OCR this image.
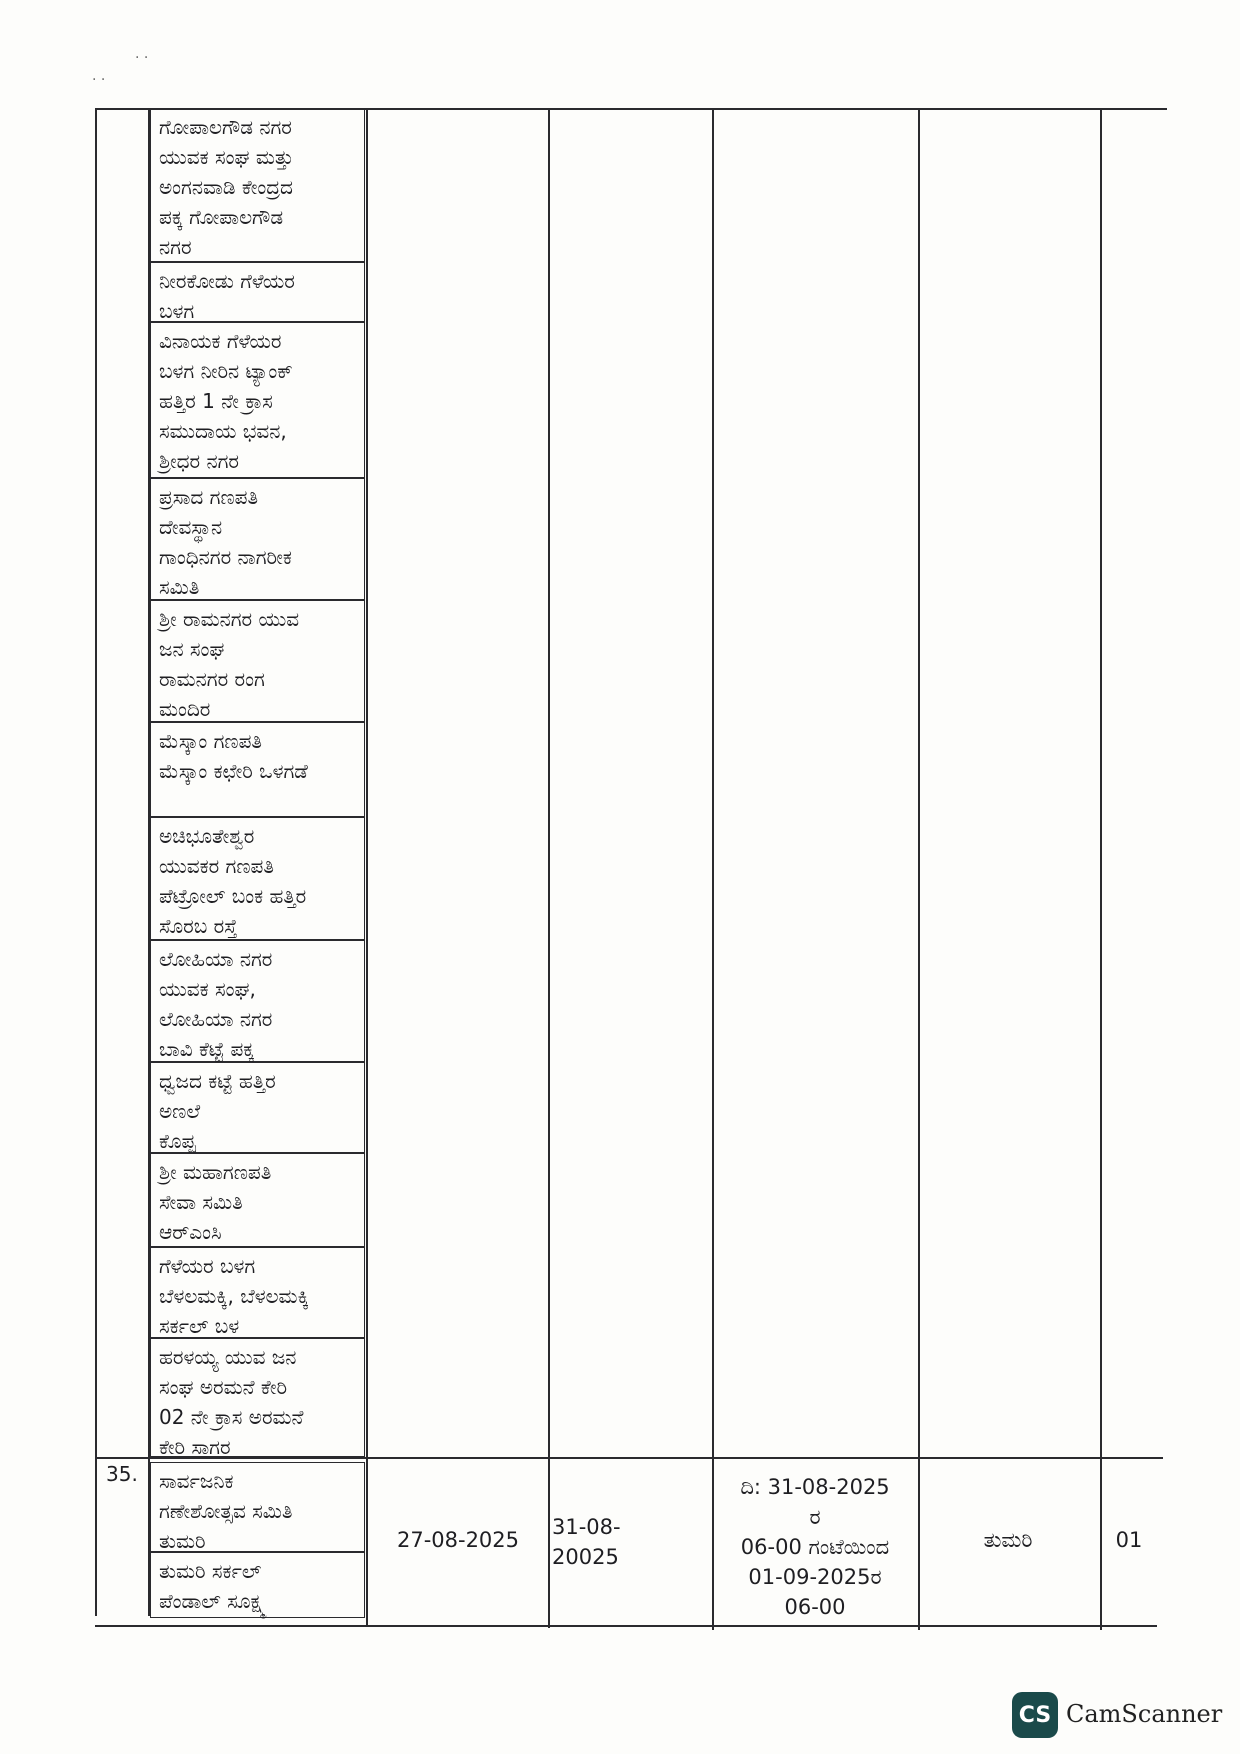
· ·
· ·
ಗೋಪಾಲಗೌಡ ನಗರ
ಯುವಕ ಸಂಘ ಮತ್ತು
ಅಂಗನವಾಡಿ ಕೇಂದ್ರದ
ಪಕ್ಕ ಗೋಪಾಲಗೌಡ
ನಗರ
ನೀರಕೋಡು ಗೆಳೆಯರ
ಬಳಗ
ವಿನಾಯಕ ಗೆಳೆಯರ
ಬಳಗ ನೀರಿನ ಟ್ಯಾಂಕ್
ಹತ್ತಿರ 1 ನೇ ಕ್ರಾಸ
ಸಮುದಾಯ ಭವನ,
ಶ್ರೀಧರ ನಗರ
ಪ್ರಸಾದ ಗಣಪತಿ
ದೇವಸ್ಥಾನ
ಗಾಂಧಿನಗರ ನಾಗರೀಕ
ಸಮಿತಿ
ಶ್ರೀ ರಾಮನಗರ ಯುವ
ಜನ ಸಂಘ
ರಾಮನಗರ ರಂಗ
ಮಂದಿರ
ಮೆಸ್ಕಾಂ ಗಣಪತಿ
ಮೆಸ್ಕಾಂ ಕಛೇರಿ ಒಳಗಡೆ
ಅಚಿಭೂತೇಶ್ವರ
ಯುವಕರ ಗಣಪತಿ
ಪೆಟ್ರೋಲ್ ಬಂಕ ಹತ್ತಿರ
ಸೊರಬ ರಸ್ತೆ
ಲೋಹಿಯಾ ನಗರ
ಯುವಕ ಸಂಘ,
ಲೋಹಿಯಾ ನಗರ
ಬಾವಿ ಕೆಟ್ಟೆ ಪಕ್ಕ
ಧ್ವಜದ ಕಟ್ಟೆ ಹತ್ತಿರ
ಅಣಲೆ
ಕೊಪ್ಪ
ಶ್ರೀ ಮಹಾಗಣಪತಿ
ಸೇವಾ ಸಮಿತಿ
ಆರ್‌ಎಂಸಿ
ಗೆಳೆಯರ ಬಳಗ
ಬೆಳಲಮಕ್ಕಿ, ಬೆಳಲಮಕ್ಕಿ
ಸರ್ಕಲ್ ಬಳ
ಹರಳಯ್ಯ ಯುವ ಜನ
ಸಂಘ ಅರಮನೆ ಕೇರಿ
02 ನೇ ಕ್ರಾಸ ಅರಮನೆ
ಕೇರಿ ಸಾಗರ
35. ಸಾರ್ವಜನಿಕ
ಗಣೇಶೋತ್ಸವ ಸಮಿತಿ
ತುಮರಿ
ತುಮರಿ ಸರ್ಕಲ್
ಪೆಂಡಾಲ್ ಸೂಕ್ಷ್ಮ
27-08-2025
31-08-
20025
ದಿ: 31-08-2025
ರ
06-00 ಗಂಟೆಯಿಂದ
01-09-2025ರ
06-00
ತುಮರಿ	01
CS CamScanner
